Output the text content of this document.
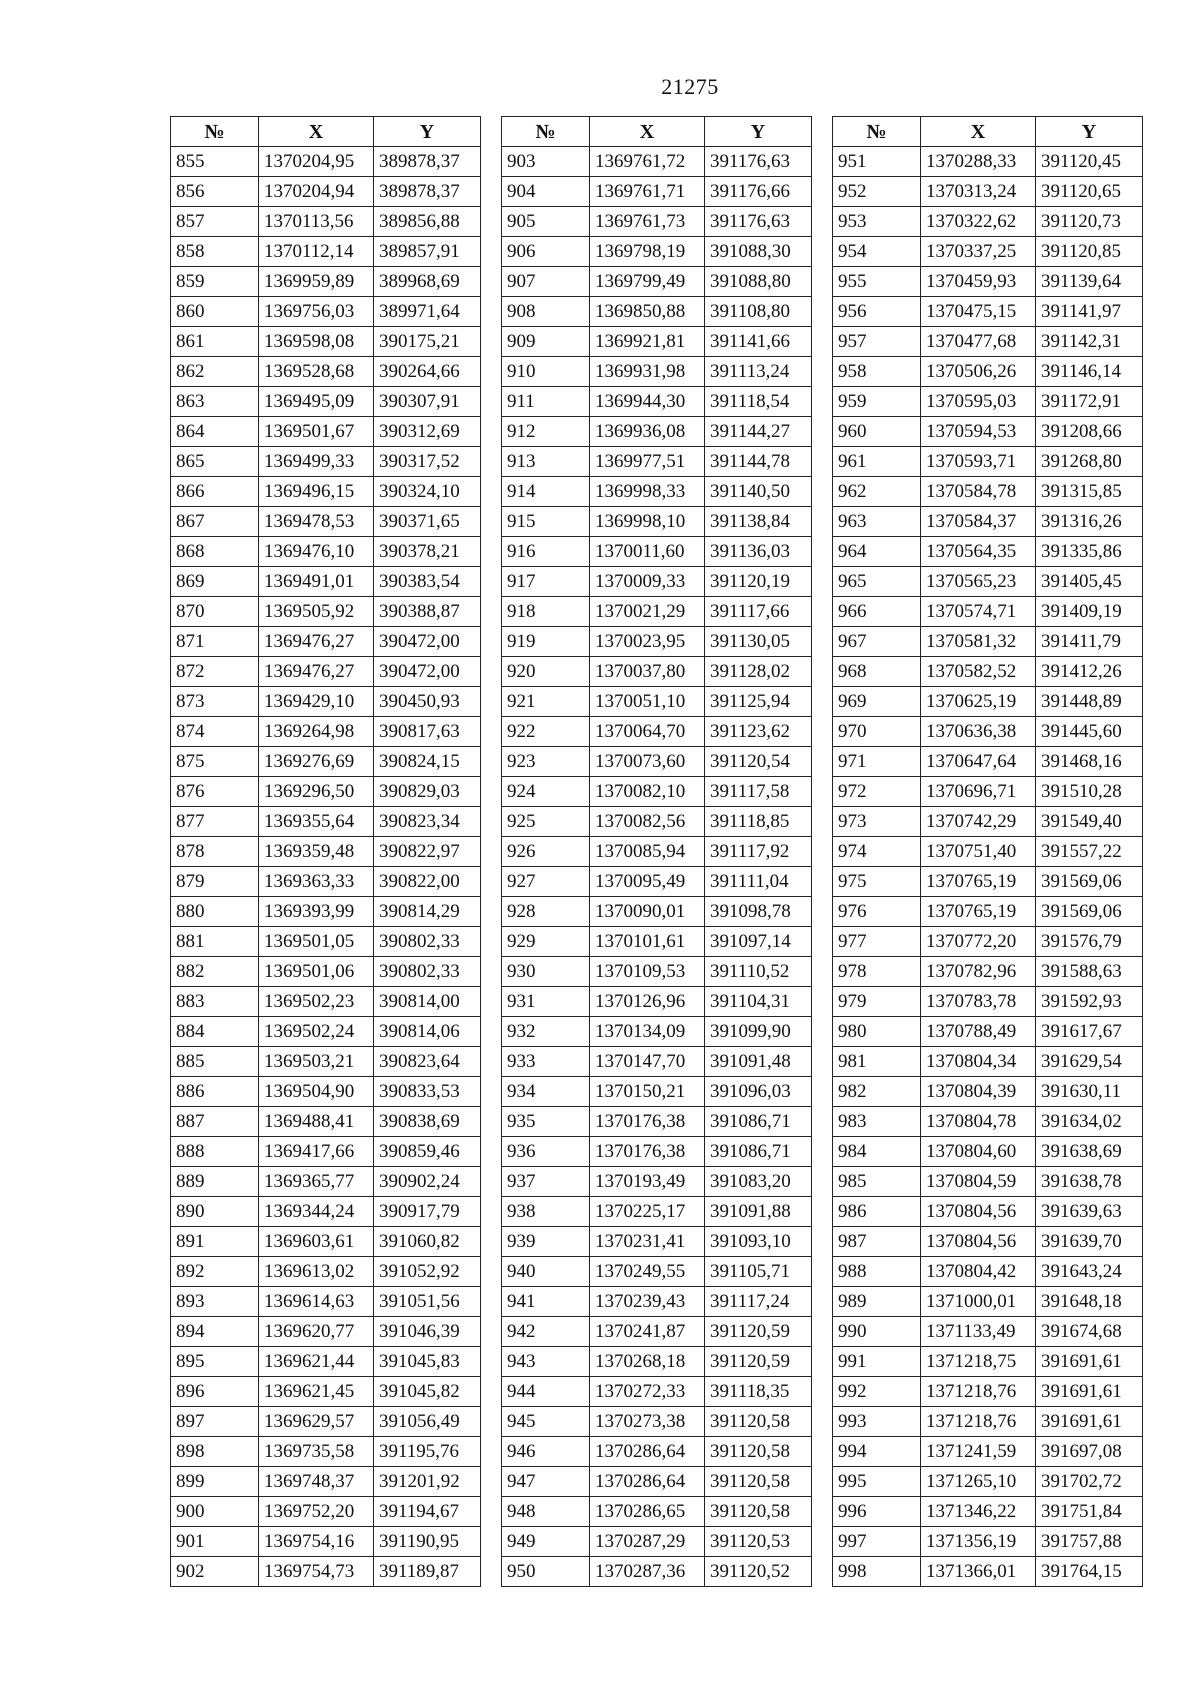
21275
№	X	Y
855	1370204,95	389878,37
856	1370204,94	389878,37
857	1370113,56	389856,88
858	1370112,14	389857,91
859	1369959,89	389968,69
860	1369756,03	389971,64
861	1369598,08	390175,21
862	1369528,68	390264,66
863	1369495,09	390307,91
864	1369501,67	390312,69
865	1369499,33	390317,52
866	1369496,15	390324,10
867	1369478,53	390371,65
868	1369476,10	390378,21
869	1369491,01	390383,54
870	1369505,92	390388,87
871	1369476,27	390472,00
872	1369476,27	390472,00
873	1369429,10	390450,93
874	1369264,98	390817,63
875	1369276,69	390824,15
876	1369296,50	390829,03
877	1369355,64	390823,34
878	1369359,48	390822,97
879	1369363,33	390822,00
880	1369393,99	390814,29
881	1369501,05	390802,33
882	1369501,06	390802,33
883	1369502,23	390814,00
884	1369502,24	390814,06
885	1369503,21	390823,64
886	1369504,90	390833,53
887	1369488,41	390838,69
888	1369417,66	390859,46
889	1369365,77	390902,24
890	1369344,24	390917,79
891	1369603,61	391060,82
892	1369613,02	391052,92
893	1369614,63	391051,56
894	1369620,77	391046,39
895	1369621,44	391045,83
896	1369621,45	391045,82
897	1369629,57	391056,49
898	1369735,58	391195,76
899	1369748,37	391201,92
900	1369752,20	391194,67
901	1369754,16	391190,95
902	1369754,73	391189,87
№	X	Y
903	1369761,72	391176,63
904	1369761,71	391176,66
905	1369761,73	391176,63
906	1369798,19	391088,30
907	1369799,49	391088,80
908	1369850,88	391108,80
909	1369921,81	391141,66
910	1369931,98	391113,24
911	1369944,30	391118,54
912	1369936,08	391144,27
913	1369977,51	391144,78
914	1369998,33	391140,50
915	1369998,10	391138,84
916	1370011,60	391136,03
917	1370009,33	391120,19
918	1370021,29	391117,66
919	1370023,95	391130,05
920	1370037,80	391128,02
921	1370051,10	391125,94
922	1370064,70	391123,62
923	1370073,60	391120,54
924	1370082,10	391117,58
925	1370082,56	391118,85
926	1370085,94	391117,92
927	1370095,49	391111,04
928	1370090,01	391098,78
929	1370101,61	391097,14
930	1370109,53	391110,52
931	1370126,96	391104,31
932	1370134,09	391099,90
933	1370147,70	391091,48
934	1370150,21	391096,03
935	1370176,38	391086,71
936	1370176,38	391086,71
937	1370193,49	391083,20
938	1370225,17	391091,88
939	1370231,41	391093,10
940	1370249,55	391105,71
941	1370239,43	391117,24
942	1370241,87	391120,59
943	1370268,18	391120,59
944	1370272,33	391118,35
945	1370273,38	391120,58
946	1370286,64	391120,58
947	1370286,64	391120,58
948	1370286,65	391120,58
949	1370287,29	391120,53
950	1370287,36	391120,52
№	X	Y
951	1370288,33	391120,45
952	1370313,24	391120,65
953	1370322,62	391120,73
954	1370337,25	391120,85
955	1370459,93	391139,64
956	1370475,15	391141,97
957	1370477,68	391142,31
958	1370506,26	391146,14
959	1370595,03	391172,91
960	1370594,53	391208,66
961	1370593,71	391268,80
962	1370584,78	391315,85
963	1370584,37	391316,26
964	1370564,35	391335,86
965	1370565,23	391405,45
966	1370574,71	391409,19
967	1370581,32	391411,79
968	1370582,52	391412,26
969	1370625,19	391448,89
970	1370636,38	391445,60
971	1370647,64	391468,16
972	1370696,71	391510,28
973	1370742,29	391549,40
974	1370751,40	391557,22
975	1370765,19	391569,06
976	1370765,19	391569,06
977	1370772,20	391576,79
978	1370782,96	391588,63
979	1370783,78	391592,93
980	1370788,49	391617,67
981	1370804,34	391629,54
982	1370804,39	391630,11
983	1370804,78	391634,02
984	1370804,60	391638,69
985	1370804,59	391638,78
986	1370804,56	391639,63
987	1370804,56	391639,70
988	1370804,42	391643,24
989	1371000,01	391648,18
990	1371133,49	391674,68
991	1371218,75	391691,61
992	1371218,76	391691,61
993	1371218,76	391691,61
994	1371241,59	391697,08
995	1371265,10	391702,72
996	1371346,22	391751,84
997	1371356,19	391757,88
998	1371366,01	391764,15
